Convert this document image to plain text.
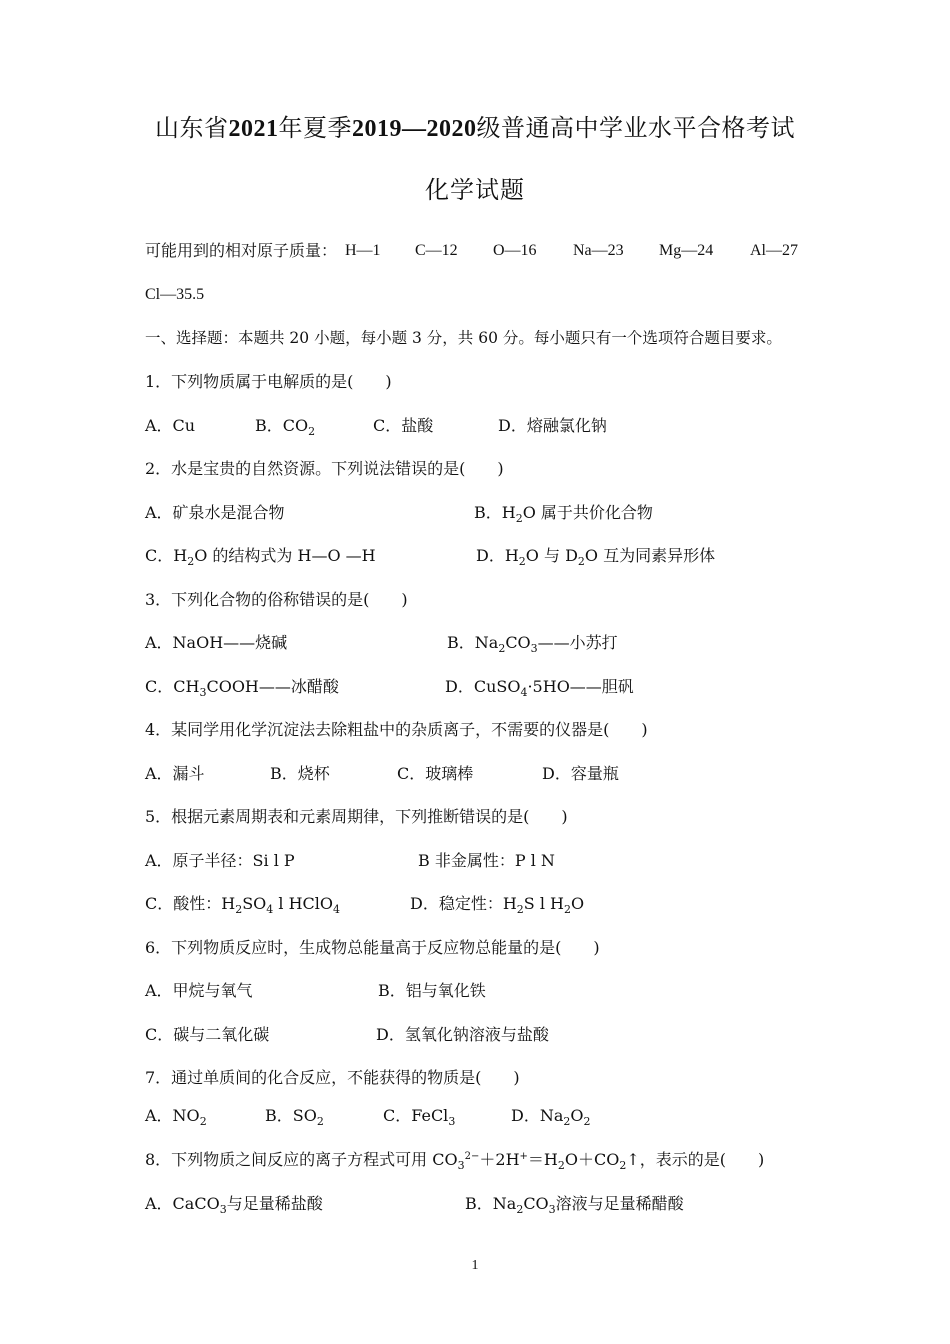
山东省2021年夏季2019—2020级普通高中学业水平合格考试
化学试题
可能用到的相对原子质量： H—1 C—12 O—16 Na—23 Mg—24 Al—27
Cl—35.5
一、选择题：本题共 20 小题，每小题 3 分，共 60 分。每小题只有一个选项符合题目要求。
1．下列物质属于电解质的是(　　)
A．Cu	B．$CO_2$	C．盐酸	D．熔融氯化钠
2．水是宝贵的自然资源。下列说法错误的是(　　)
A．矿泉水是混合物	B．$H_2O$ 属于共价化合物
C．$H_2O$ 的结构式为 H—O —H	D．$H_2O$ 与 $D_2O$ 互为同素异形体
3．下列化合物的俗称错误的是(　　)
A．NaOH——烧碱	B．$Na_2CO_3——$小苏打
C．$CH_3COOH——$冰醋酸	D．CuSO$_4$·5HO——胆矾
4．某同学用化学沉淀法去除粗盐中的杂质离子，不需要的仪器是(　　)
A．漏斗	B．烧杯	C．玻璃棒	D．容量瓶
5．根据元素周期表和元素周期律，下列推断错误的是(　　)
A．原子半径：Si l P	B 非金属性：P l N
C．酸性：$H_2SO_4$ l HClO$_4$	D．稳定性：$H_2S$ l $H_2O$
6．下列物质反应时，生成物总能量高于反应物总能量的是(　　)
A．甲烷与氧气	B．铝与氧化铁
C．碳与二氧化碳	D．氢氧化钠溶液与盐酸
7．通过单质间的化合反应，不能获得的物质是(　　)
A．$NO_2$	B．$SO_2$	C．FeCl$_3$	D．$Na_2O_2$
8．下列物质之间反应的离子方程式可用 $CO_3^{2-}+2H^+=H_2O+CO_2↑$，表示的是(　　)
A．CaCO$_3$与足量稀盐酸	B．$Na_2CO_3$溶液与足量稀醋酸
1
